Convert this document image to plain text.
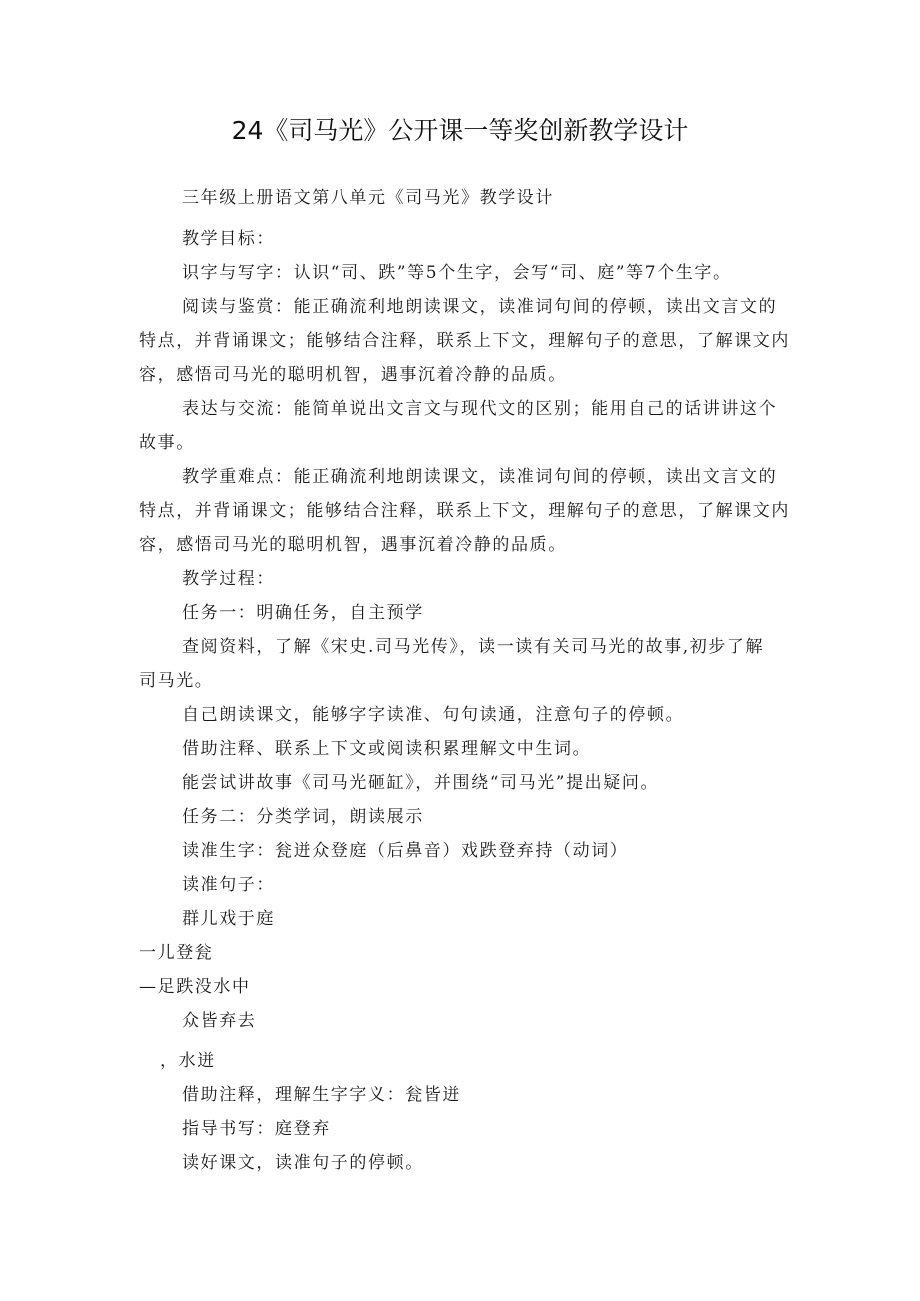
24《司马光》公开课一等奖创新教学设计

三年级上册语文第八单元《司马光》教学设计

教学目标：

识字与写字：认识“司、跌”等5个生字，会写“司、庭”等7个生字。

阅读与鉴赏：能正确流利地朗读课文，读准词句间的停顿，读出文言文的

特点，并背诵课文；能够结合注释，联系上下文，理解句子的意思，了解课文内

容，感悟司马光的聪明机智，遇事沉着冷静的品质。

表达与交流：能简单说出文言文与现代文的区别；能用自己的话讲讲这个

故事。

教学重难点：能正确流利地朗读课文，读准词句间的停顿，读出文言文的

特点，并背诵课文；能够结合注释，联系上下文，理解句子的意思，了解课文内

容，感悟司马光的聪明机智，遇事沉着冷静的品质。

教学过程：

任务一：明确任务，自主预学

查阅资料，了解《宋史.司马光传》，读一读有关司马光的故事,初步了解

司马光。

自己朗读课文，能够字字读准、句句读通，注意句子的停顿。

借助注释、联系上下文或阅读积累理解文中生词。

能尝试讲故事《司马光砸缸》，并围绕“司马光”提出疑问。

任务二：分类学词，朗读展示

读准生字：瓮迸众登庭（后鼻音）戏跌登弃持（动词）

读准句子：

群儿戏于庭

一儿登瓮

—足跌没水中

众皆弃去

，水迸

借助注释，理解生字字义：瓮皆迸

指导书写：庭登弃

读好课文，读准句子的停顿。
